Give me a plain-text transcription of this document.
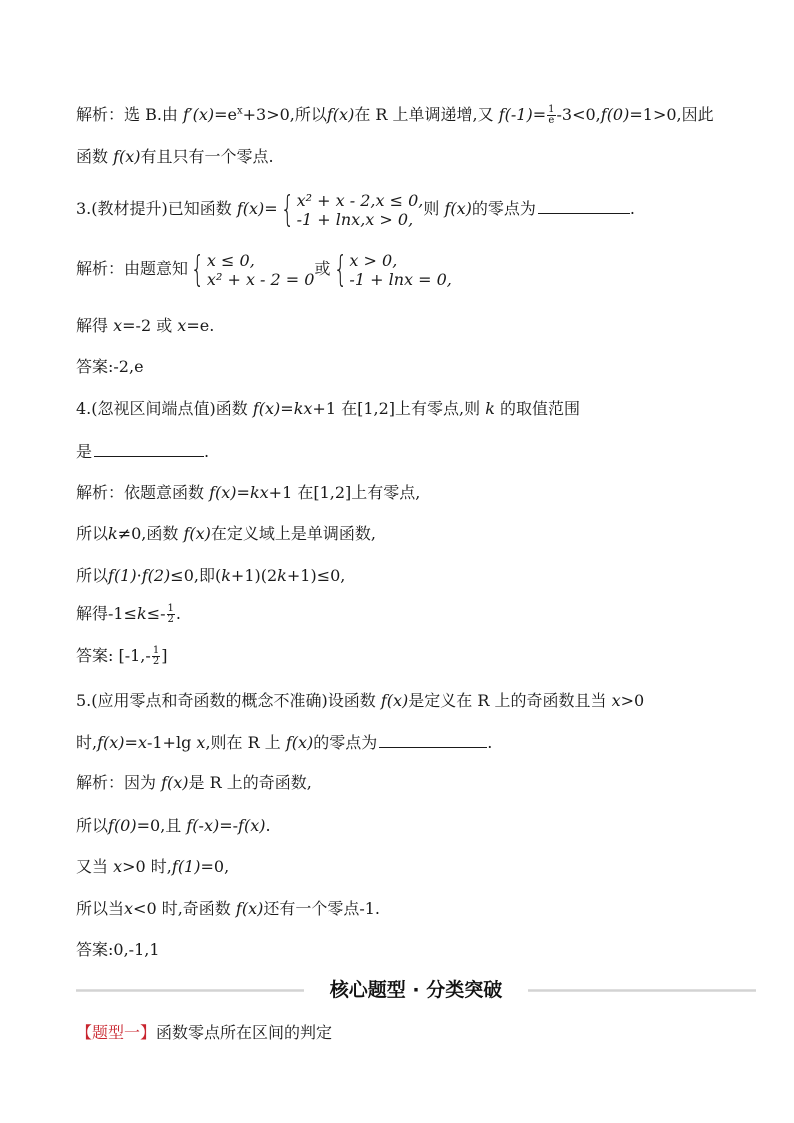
解析：选 B.由 $f'(x)=e^x+3>0$,所以f(x)在 R 上单调递增,又 $f(-1)= \frac{1}{e} -3<0,f(0)=1>0$,因此
函数 f(x)有且只有一个零点.
3.(教材提升)已知函数 f(x)= { x² + x - 2,x ≤ 0,
-1 + lnx,x > 0,
则 f(x)的零点为	.
解析：由题意知 { x ≤ 0,
x² + x - 2 = 0
或 { x > 0,
-1 + lnx = 0,
解得 x=-2 或 x=e.
答案:-2,e
4.(忽视区间端点值)函数 f(x)=kx+1 在[1,2]上有零点,则 k 的取值范围
是	.
解析：依题意函数 f(x)=kx+1 在[1,2]上有零点,
所以k≠0,函数 f(x)在定义域上是单调函数,
所以f(1)·f(2)≤0,即(k+1)(2k+1)≤0,
解得$-1\le k\le- \frac{1}{2}$ .
答案: [$-1,- \frac{1}{2}$ ]
5.(应用零点和奇函数的概念不准确)设函数 f(x)是定义在 R 上的奇函数且当 x>0
时,f(x)=x-1+lg x,则在 R 上 f(x)的零点为	.
解析：因为 f(x)是 R 上的奇函数,
所以f(0)=0,且 f(-x)=-f(x).
又当 x>0 时,f(1)=0,
所以当x<0 时,奇函数 f(x)还有一个零点-1.
答案:0,-1,1
核心题型 · 分类突破
【题型一】函数零点所在区间的判定
